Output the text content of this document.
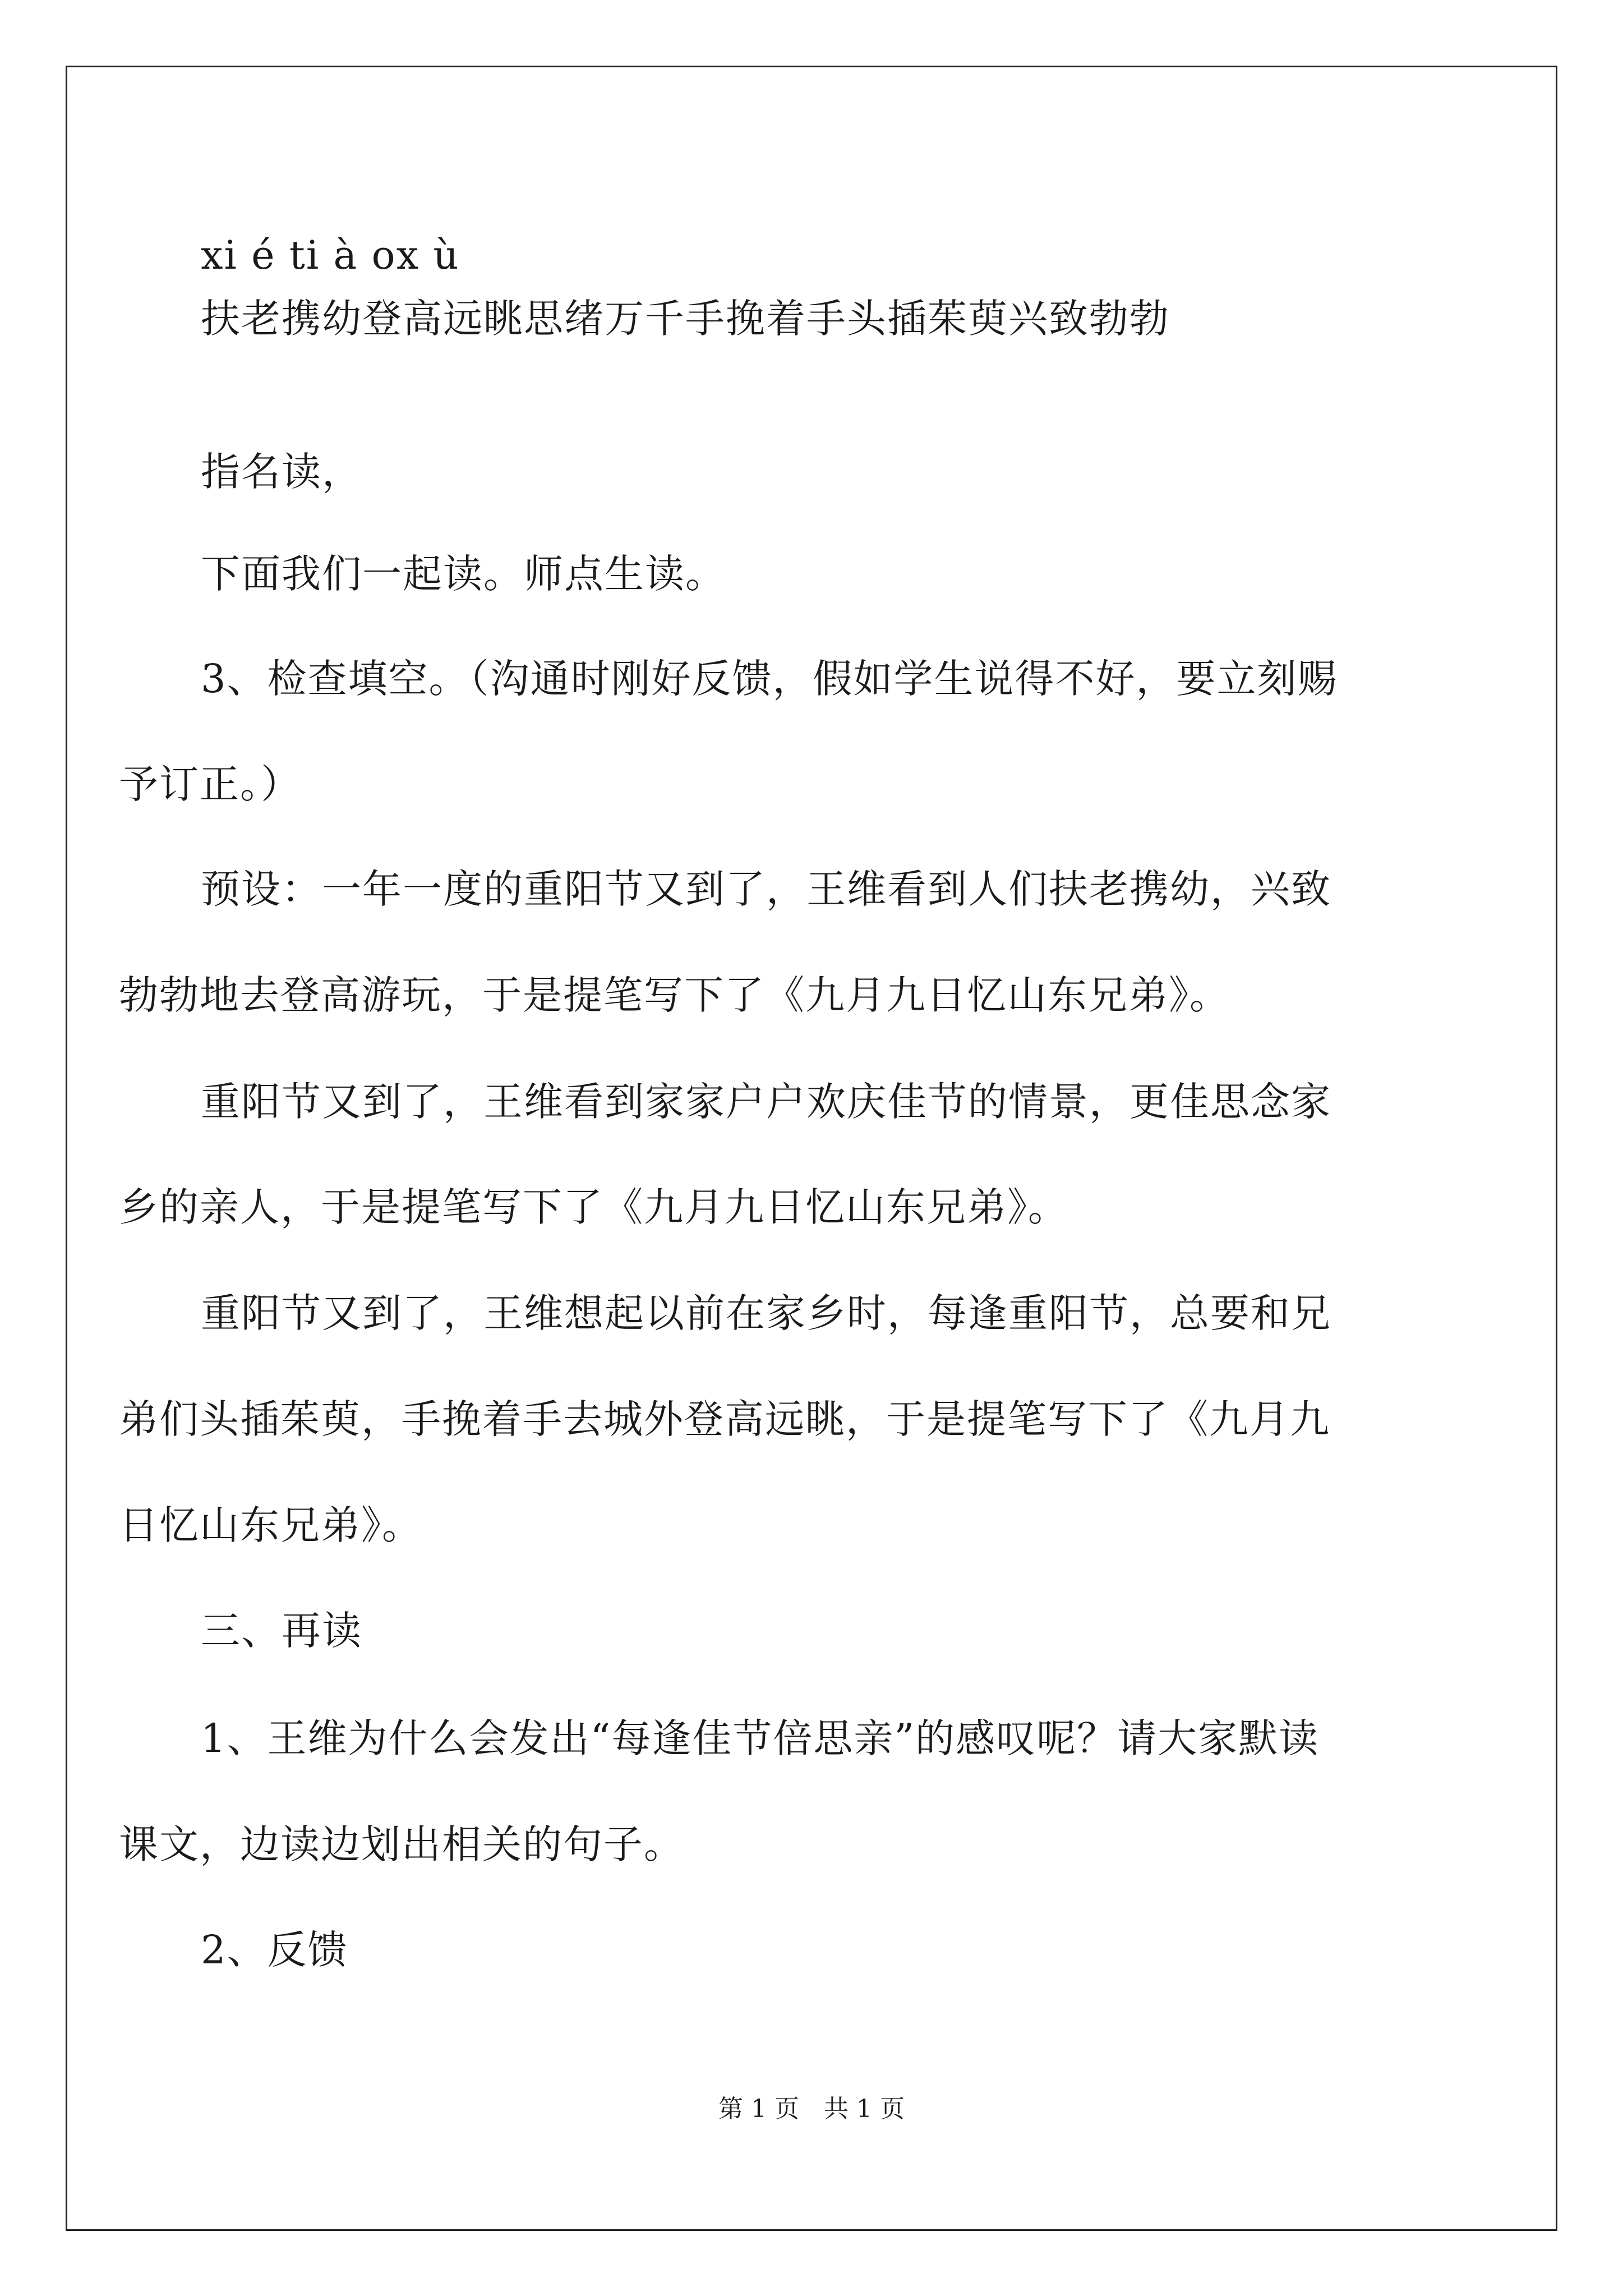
xi é ti à ox ù
扶老携幼登高远眺思绪万千手挽着手头插茱萸兴致勃勃
指名读，
下面我们一起读。师点生读。
3、检查填空。（沟通时刚好反馈，假如学生说得不好，要立刻赐
予订正。）
预设：一年一度的重阳节又到了，王维看到人们扶老携幼，兴致
勃勃地去登高游玩，于是提笔写下了《九月九日忆山东兄弟》。
重阳节又到了，王维看到家家户户欢庆佳节的情景，更佳思念家
乡的亲人，于是提笔写下了《九月九日忆山东兄弟》。
重阳节又到了，王维想起以前在家乡时，每逢重阳节，总要和兄
弟们头插茱萸，手挽着手去城外登高远眺，于是提笔写下了《九月九
日忆山东兄弟》。
三、再读
1、王维为什么会发出“每逢佳节倍思亲”的感叹呢？请大家默读
课文，边读边划出相关的句子。
2、反馈
第 1 页　共 1 页
